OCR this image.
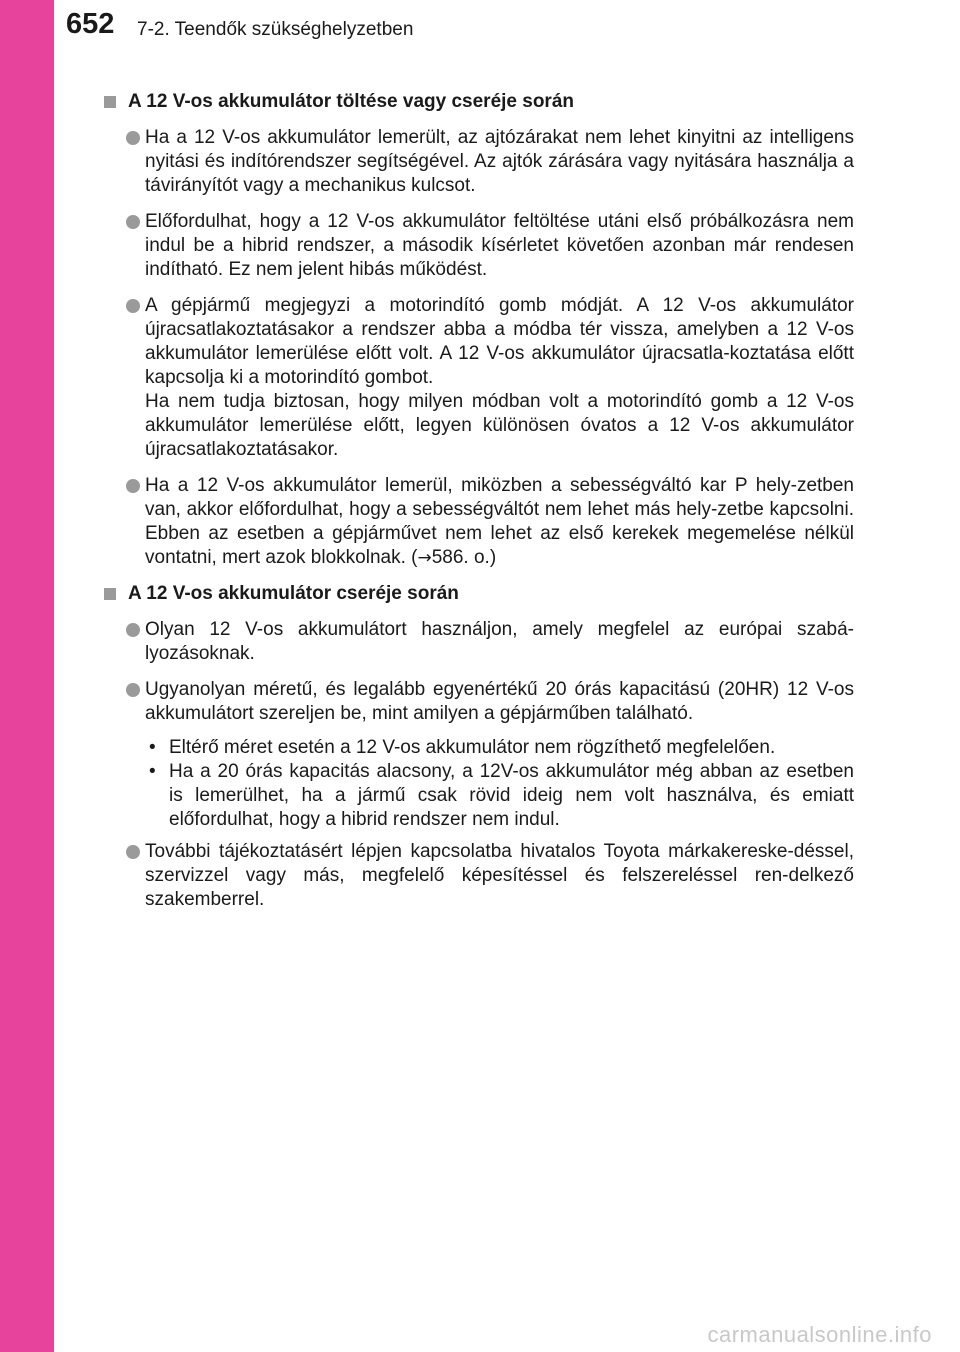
652 7-2. Teendők szükséghelyzetben
A 12 V-os akkumulátor töltése vagy cseréje során

Ha a 12 V-os akkumulátor lemerült, az ajtózárakat nem lehet kinyitni az intelligens nyitási és indítórendszer segítségével. Az ajtók zárására vagy nyitására használja a távirányítót vagy a mechanikus kulcsot.

Előfordulhat, hogy a 12 V-os akkumulátor feltöltése utáni első próbálkozásra nem indul be a hibrid rendszer, a második kísérletet követően azonban már rendesen indítható. Ez nem jelent hibás működést.

A gépjármű megjegyzi a motorindító gomb módját. A 12 V-os akkumulátor újracsatlakoztatásakor a rendszer abba a módba tér vissza, amelyben a 12 V-os akkumulátor lemerülése előtt volt. A 12 V-os akkumulátor újracsatla-koztatása előtt kapcsolja ki a motorindító gombot.

Ha nem tudja biztosan, hogy milyen módban volt a motorindító gomb a 12 V-os akkumulátor lemerülése előtt, legyen különösen óvatos a 12 V-os akkumulátor újracsatlakoztatásakor.

Ha a 12 V-os akkumulátor lemerül, miközben a sebességváltó kar P hely-zetben van, akkor előfordulhat, hogy a sebességváltót nem lehet más hely-zetbe kapcsolni. Ebben az esetben a gépjárművet nem lehet az első kerekek megemelése nélkül vontatni, mert azok blokkolnak. (→586. o.)

A 12 V-os akkumulátor cseréje során

Olyan 12 V-os akkumulátort használjon, amely megfelel az európai szabá-lyozásoknak.

Ugyanolyan méretű, és legalább egyenértékű 20 órás kapacitású (20HR) 12 V-os akkumulátort szereljen be, mint amilyen a gépjárműben található.

• Eltérő méret esetén a 12 V-os akkumulátor nem rögzíthető megfelelően.
• Ha a 20 órás kapacitás alacsony, a 12V-os akkumulátor még abban az esetben is lemerülhet, ha a jármű csak rövid ideig nem volt használva, és emiatt előfordulhat, hogy a hibrid rendszer nem indul.

További tájékoztatásért lépjen kapcsolatba hivatalos Toyota márkakereske-déssel, szervizzel vagy más, megfelelő képesítéssel és felszereléssel ren-delkező szakemberrel.

carmanualsonline.info
